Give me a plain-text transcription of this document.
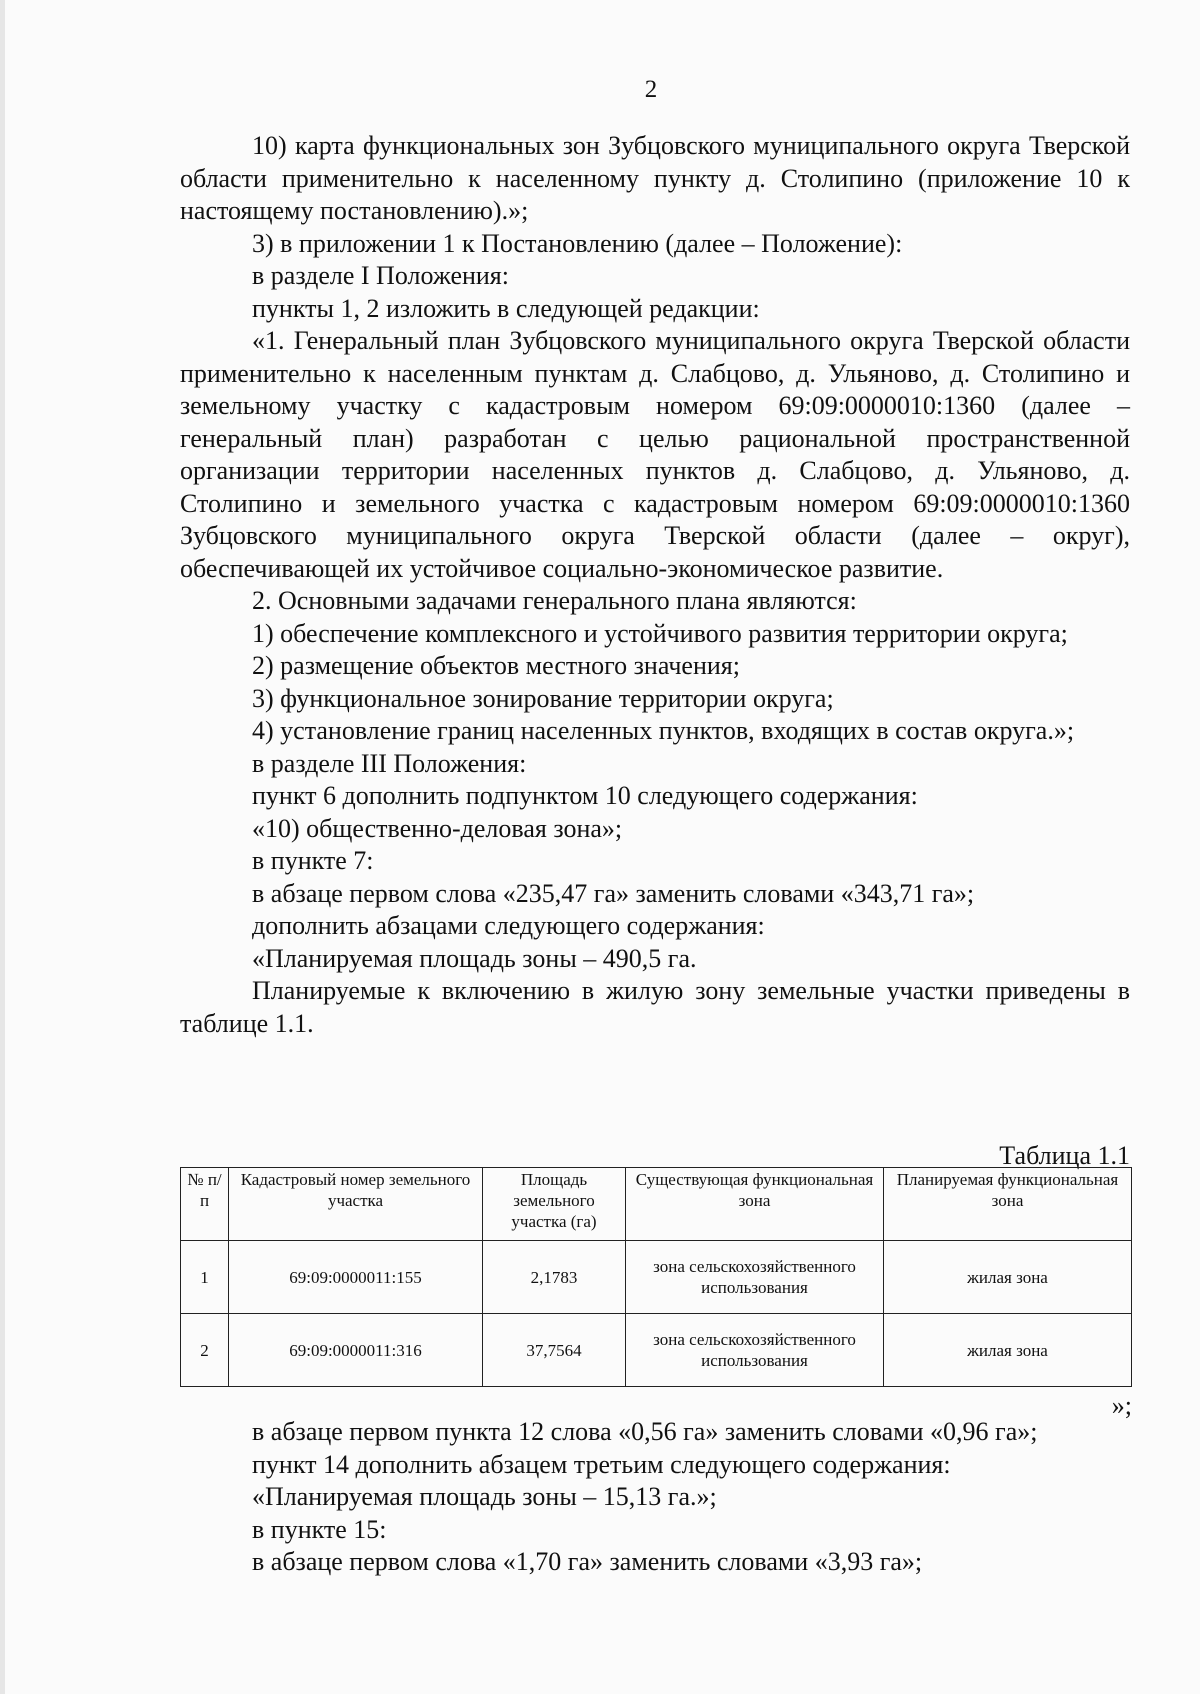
2

10) карта функциональных зон Зубцовского муниципального округа Тверской области применительно к населенному пункту д. Столипино (приложение 10 к настоящему постановлению).»;

3) в приложении 1 к Постановлению (далее – Положение):

в разделе I Положения:

пункты 1, 2 изложить в следующей редакции:

«1. Генеральный план Зубцовского муниципального округа Тверской области применительно к населенным пунктам д. Слабцово, д. Ульяново, д. Столипино и земельному участку с кадастровым номером 69:09:0000010:1360 (далее – генеральный план) разработан с целью рациональной пространственной организации территории населенных пунктов д. Слабцово, д. Ульяново, д. Столипино и земельного участка с кадастровым номером 69:09:0000010:1360 Зубцовского муниципального округа Тверской области (далее – округ), обеспечивающей их устойчивое социально-экономическое развитие.

2. Основными задачами генерального плана являются:

1) обеспечение комплексного и устойчивого развития территории округа;

2) размещение объектов местного значения;

3) функциональное зонирование территории округа;

4) установление границ населенных пунктов, входящих в состав округа.»;

в разделе III Положения:

пункт 6 дополнить подпунктом 10 следующего содержания:

«10) общественно-деловая зона»;

в пункте 7:

в абзаце первом слова «235,47 га» заменить словами «343,71 га»;

дополнить абзацами следующего содержания:

«Планируемая площадь зоны – 490,5 га.

Планируемые к включению в жилую зону земельные участки приведены в таблице 1.1.

Таблица 1.1
№ п/п	Кадастровый номер земельного участка	Площадь земельного участка (га)	Существующая функциональная зона	Планируемая функциональная зона
1	69:09:0000011:155	2,1783	зона сельскохозяйственного использования	жилая зона
2	69:09:0000011:316	37,7564	зона сельскохозяйственного использования	жилая зона
»;

в абзаце первом пункта 12 слова «0,56 га» заменить словами «0,96 га»;

пункт 14 дополнить абзацем третьим следующего содержания:

«Планируемая площадь зоны – 15,13 га.»;

в пункте 15:

в абзаце первом слова «1,70 га» заменить словами «3,93 га»;
